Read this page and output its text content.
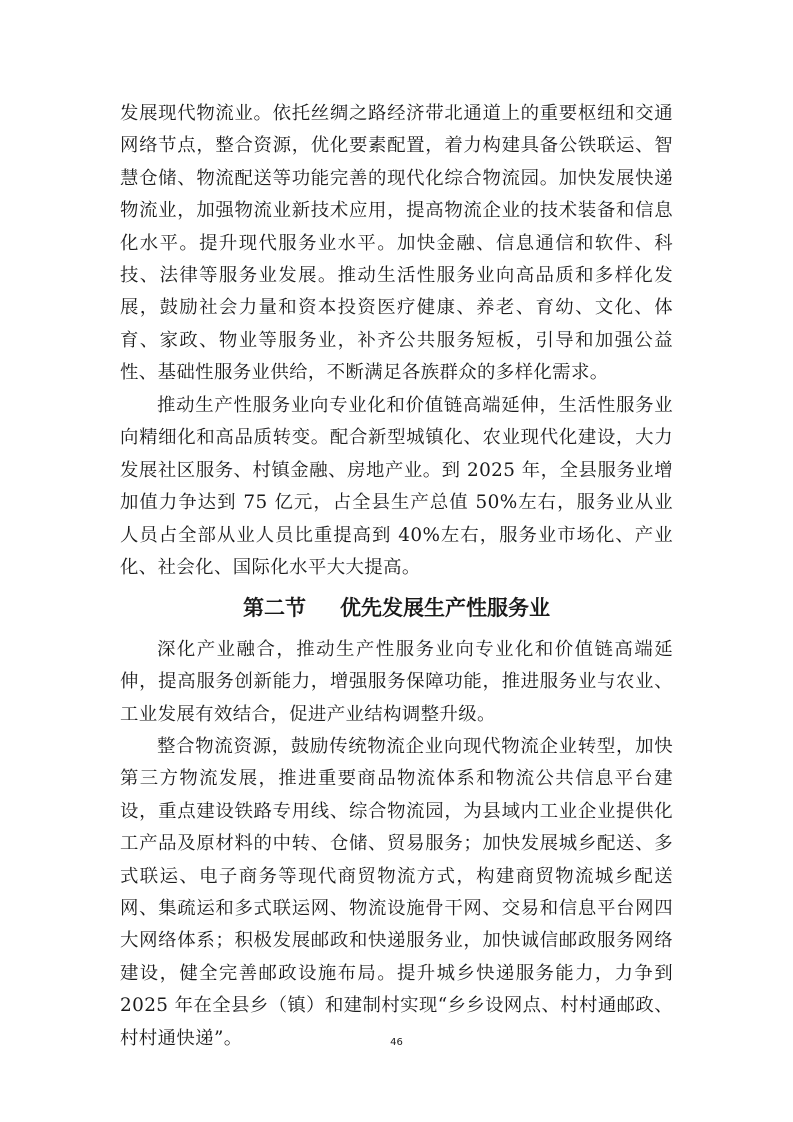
发展现代物流业。依托丝绸之路经济带北通道上的重要枢纽和交通网络节点，整合资源，优化要素配置，着力构建具备公铁联运、智慧仓储、物流配送等功能完善的现代化综合物流园。加快发展快递物流业，加强物流业新技术应用，提高物流企业的技术装备和信息化水平。提升现代服务业水平。加快金融、信息通信和软件、科技、法律等服务业发展。推动生活性服务业向高品质和多样化发展，鼓励社会力量和资本投资医疗健康、养老、育幼、文化、体育、家政、物业等服务业，补齐公共服务短板，引导和加强公益性、基础性服务业供给，不断满足各族群众的多样化需求。

推动生产性服务业向专业化和价值链高端延伸，生活性服务业向精细化和高品质转变。配合新型城镇化、农业现代化建设，大力发展社区服务、村镇金融、房地产业。到 2025 年，全县服务业增加值力争达到 75 亿元，占全县生产总值 50%左右，服务业从业人员占全部从业人员比重提高到 40%左右，服务业市场化、产业化、社会化、国际化水平大大提高。

第二节 优先发展生产性服务业

深化产业融合，推动生产性服务业向专业化和价值链高端延伸，提高服务创新能力，增强服务保障功能，推进服务业与农业、工业发展有效结合，促进产业结构调整升级。

整合物流资源，鼓励传统物流企业向现代物流企业转型，加快第三方物流发展，推进重要商品物流体系和物流公共信息平台建设，重点建设铁路专用线、综合物流园，为县域内工业企业提供化工产品及原材料的中转、仓储、贸易服务；加快发展城乡配送、多式联运、电子商务等现代商贸物流方式，构建商贸物流城乡配送网、集疏运和多式联运网、物流设施骨干网、交易和信息平台网四大网络体系；积极发展邮政和快递服务业，加快诚信邮政服务网络建设，健全完善邮政设施布局。提升城乡快递服务能力，力争到 2025 年在全县乡（镇）和建制村实现“乡乡设网点、村村通邮政、村村通快递”。	46
